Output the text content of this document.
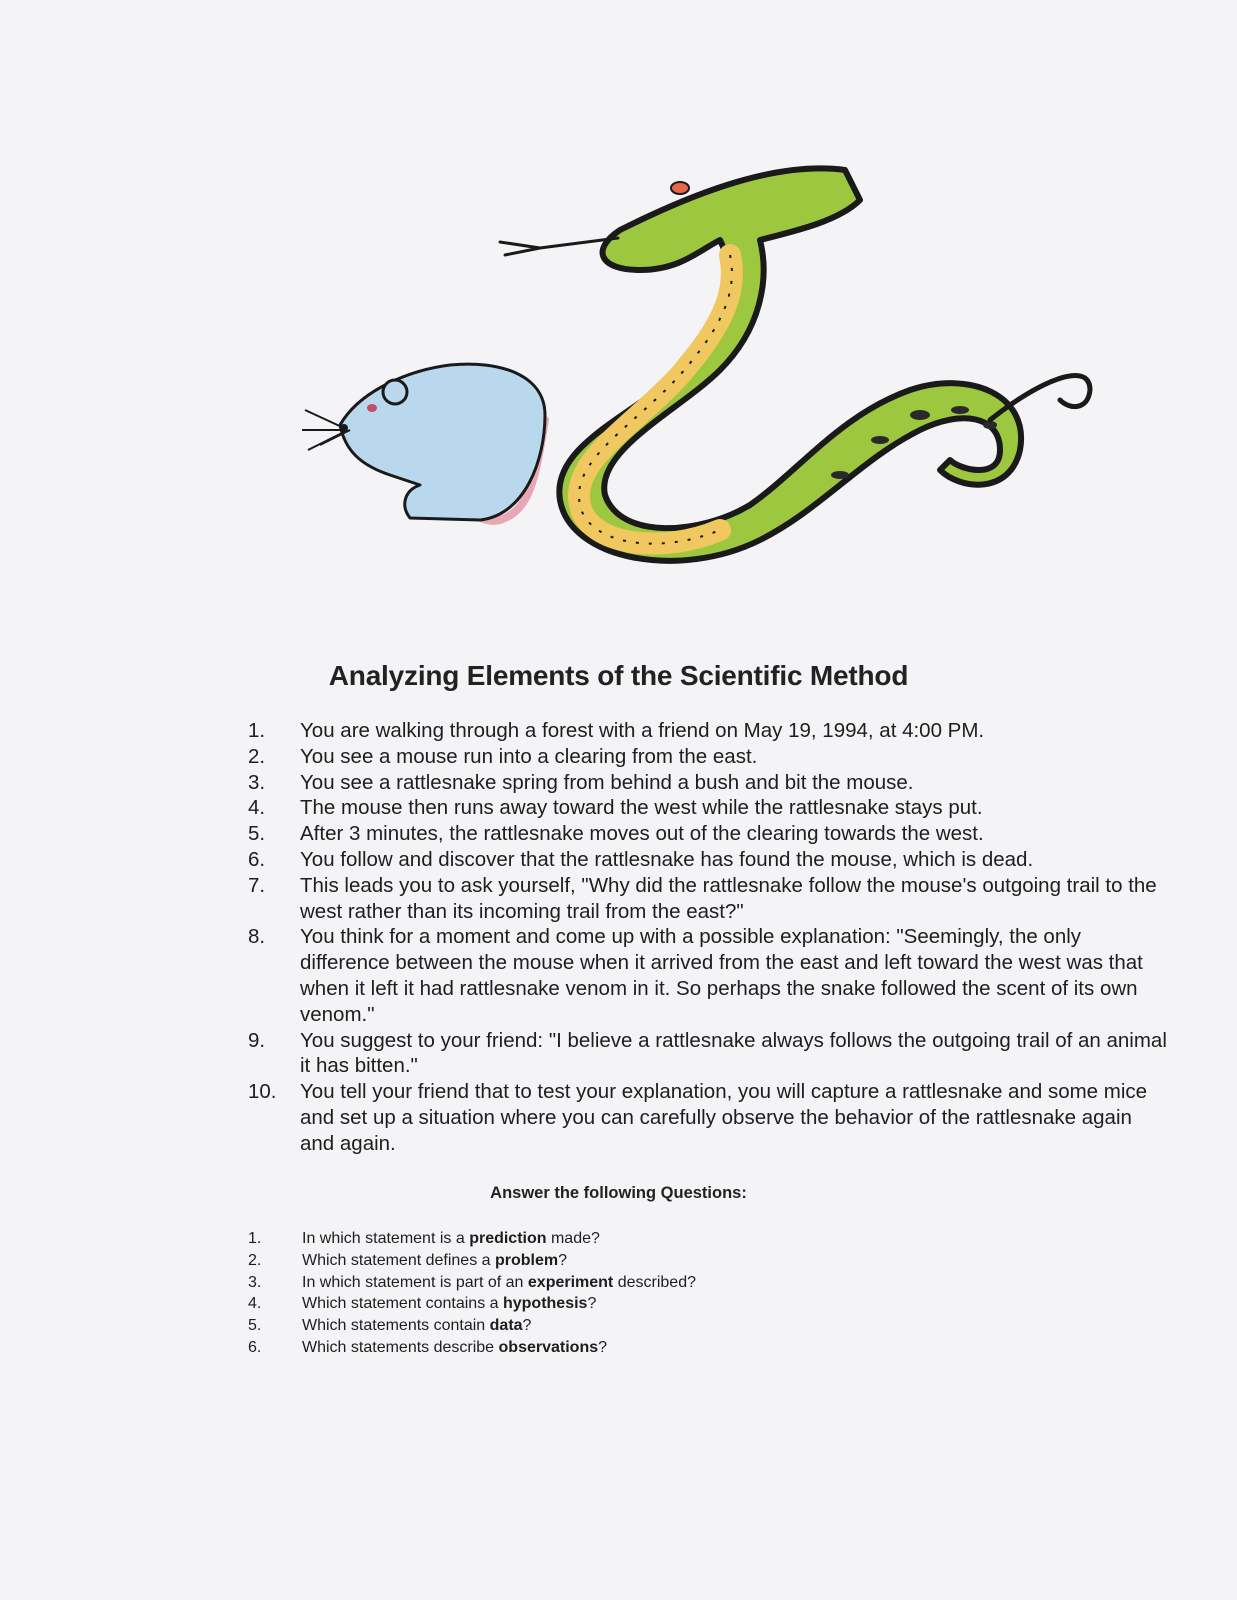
Analyzing Elements of the Scientific Method
1.	You are walking through a forest with a friend on May 19, 1994, at 4:00 PM.
2.	You see a mouse run into a clearing from the east.
3.	You see a rattlesnake spring from behind a bush and bit the mouse.
4.	The mouse then runs away toward the west while the rattlesnake stays put.
5.	After 3 minutes, the rattlesnake moves out of the clearing towards the west.
6.	You follow and discover that the rattlesnake has found the mouse, which is dead.
7.	This leads you to ask yourself, "Why did the rattlesnake follow the mouse's outgoing trail to the west rather than its incoming trail from the east?"
8.	You think for a moment and come up with a possible explanation: "Seemingly, the only difference between the mouse when it arrived from the east and left toward the west was that when it left it had rattlesnake venom in it. So perhaps the snake followed the scent of its own venom."
9.	You suggest to your friend: "I believe a rattlesnake always follows the outgoing trail of an animal it has bitten."
10.	You tell your friend that to test your explanation, you will capture a rattlesnake and some mice and set up a situation where you can carefully observe the behavior of the rattlesnake again and again.
Answer the following Questions:
1.	In which statement is a prediction made?
2.	Which statement defines a problem?
3.	In which statement is part of an experiment described?
4.	Which statement contains a hypothesis?
5.	Which statements contain data?
6.	Which statements describe observations?
